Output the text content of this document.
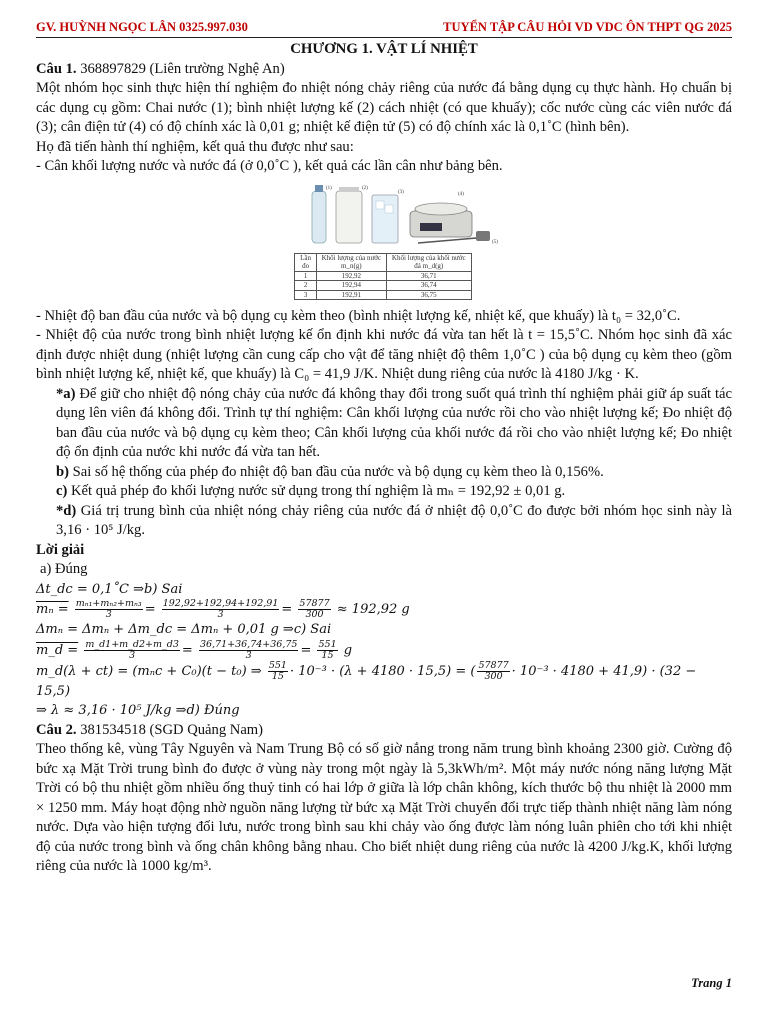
GV. HUỲNH NGỌC LÂN 0325.997.030	TUYỂN TẬP CÂU HỎI VD VDC ÔN THPT QG 2025

CHƯƠNG 1. VẬT LÍ NHIỆT

Câu 1. 368897829 (Liên trường Nghệ An)

Một nhóm học sinh thực hiện thí nghiệm đo nhiệt nóng chảy riêng của nước đá bằng dụng cụ thực hành. Họ chuẩn bị các dụng cụ gồm: Chai nước (1); bình nhiệt lượng kế (2) cách nhiệt (có que khuấy); cốc nước cùng các viên nước đá (3); cân điện tử (4) có độ chính xác là 0,01 g; nhiệt kế điện tử (5) có độ chính xác là 0,1˚C (hình bên).

Họ đã tiến hành thí nghiệm, kết quả thu được như sau:

- Cân khối lượng nước và nước đá (ở 0,0˚C ), kết quả các lần cân như bảng bên.

(1)	(2)
(3)	(4)
(5)
Lần đo	Khối lượng của nước m_n(g)	Khối lượng của khối nước đá m_d(g)
1	192,92	36,71
2	192,94	36,74
3	192,91	36,75

- Nhiệt độ ban đầu của nước và bộ dụng cụ kèm theo (bình nhiệt lượng kế, nhiệt kế, que khuấy) là t₀ = 32,0˚C.

- Nhiệt độ của nước trong bình nhiệt lượng kế ổn định khi nước đá vừa tan hết là t = 15,5˚C. Nhóm học sinh đã xác định được nhiệt dung (nhiệt lượng cần cung cấp cho vật để tăng nhiệt độ thêm 1,0˚C ) của bộ dụng cụ kèm theo (gồm bình nhiệt lượng kế, nhiệt kế, que khuấy) là C₀ = 41,9 J/K. Nhiệt dung riêng của nước là 4180 J/kg · K.

*a) Để giữ cho nhiệt độ nóng chảy của nước đá không thay đổi trong suốt quá trình thí nghiệm phải giữ áp suất tác dụng lên viên đá không đổi. Trình tự thí nghiệm: Cân khối lượng của nước rồi cho vào nhiệt lượng kế; Đo nhiệt độ ban đầu của nước và bộ dụng cụ kèm theo; Cân khối lượng của khối nước đá rồi cho vào nhiệt lượng kế; Đo nhiệt độ ổn định của nước khi nước đá vừa tan hết.

b) Sai số hệ thống của phép đo nhiệt độ ban đầu của nước và bộ dụng cụ kèm theo là 0,156%.

c) Kết quả phép đo khối lượng nước sử dụng trong thí nghiệm là mₙ = 192,92 ± 0,01 g.

*d) Giá trị trung bình của nhiệt nóng chảy riêng của nước đá ở nhiệt độ 0,0˚C đo được bởi nhóm học sinh này là 3,16 · 10⁵ J/kg.

Lời giải

a) Đúng

Δt_dc = 0,1˚C ⇒b) Sai

$m_n = \frac{\text{mₙ₁+mₙ₂+mₙ₃}}{3} = \frac{192,92+192,94+192,91}{3} = \frac{57877}{300} \approx 192,92$ g

Δmₙ = Δmₙ + Δm_dc = Δmₙ + 0,01 g ⇒c) Sai

m_d = $\frac{m\_d1+m\_d2+m\_d3}{3} = \frac{36,71+36,74+36,75}{3} = \frac{551}{15}$ g

m_d(λ + ct) = (mₙc + C₀)(t − t₀) ⇒ $\frac{551}{15} \cdot 10^{-3} \cdot (\lambda + 4180 \cdot 15,5)$ = ( $\frac{57877}{300} \cdot 10^{-3} \cdot 4180 + 41,9) \cdot (32$ −

15,5)

⇒ λ ≈ 3,16 · 10⁵ J/kg ⇒d) Đúng

Câu 2. 381534518 (SGD Quảng Nam)

Theo thống kê, vùng Tây Nguyên và Nam Trung Bộ có số giờ nắng trong năm trung bình khoảng 2300 giờ. Cường độ bức xạ Mặt Trời trung bình đo được ở vùng này trong một ngày là 5,3kWh/m². Một máy nước nóng năng lượng Mặt Trời có bộ thu nhiệt gồm nhiều ống thuỷ tinh có hai lớp ở giữa là lớp chân không, kích thước bộ thu nhiệt là 2000 mm × 1250 mm. Máy hoạt động nhờ nguồn năng lượng từ bức xạ Mặt Trời chuyển đổi trực tiếp thành nhiệt năng làm nóng nước. Dựa vào hiện tượng đối lưu, nước trong bình sau khi chảy vào ống được làm nóng luân phiên cho tới khi nhiệt độ của nước trong bình và ống chân không bằng nhau. Cho biết nhiệt dung riêng của nước là 4200 J/kg.K, khối lượng riêng của nước là 1000 kg/m³.

Trang 1
